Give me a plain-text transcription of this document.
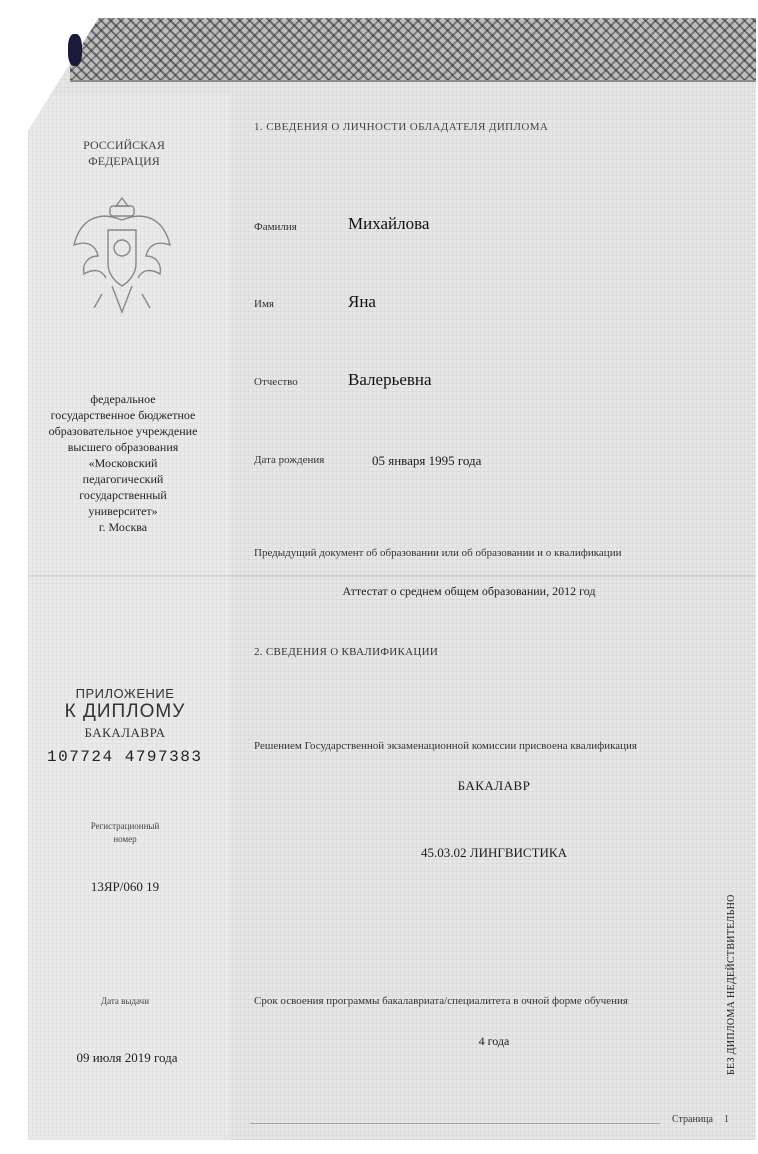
РОССИЙСКАЯ
ФЕДЕРАЦИЯ
федеральное
государственное бюджетное
образовательное учреждение
высшего образования
«Московский
педагогический
государственный
университет»
г. Москва
ПРИЛОЖЕНИЕ
К ДИПЛОМУ
БАКАЛАВРА
107724 4797383
Регистрационный
номер
13ЯР/060 19
Дата выдачи
09 июля 2019 года
1. СВЕДЕНИЯ О ЛИЧНОСТИ ОБЛАДАТЕЛЯ ДИПЛОМА
Фамилия	Михайлова
Имя	Яна
Отчество	Валерьевна
Дата рождения	05 января 1995 года
Предыдущий документ об образовании или об образовании и о квалификации
Аттестат о среднем общем образовании, 2012 год
2. СВЕДЕНИЯ О КВАЛИФИКАЦИИ
Решением Государственной экзаменационной комиссии присвоена квалификация
БАКАЛАВР
45.03.02 ЛИНГВИСТИКА
Срок освоения программы бакалавриата/специалитета в очной форме обучения
4 года
Страница 1
БЕЗ ДИПЛОМА НЕДЕЙСТВИТЕЛЬНО
